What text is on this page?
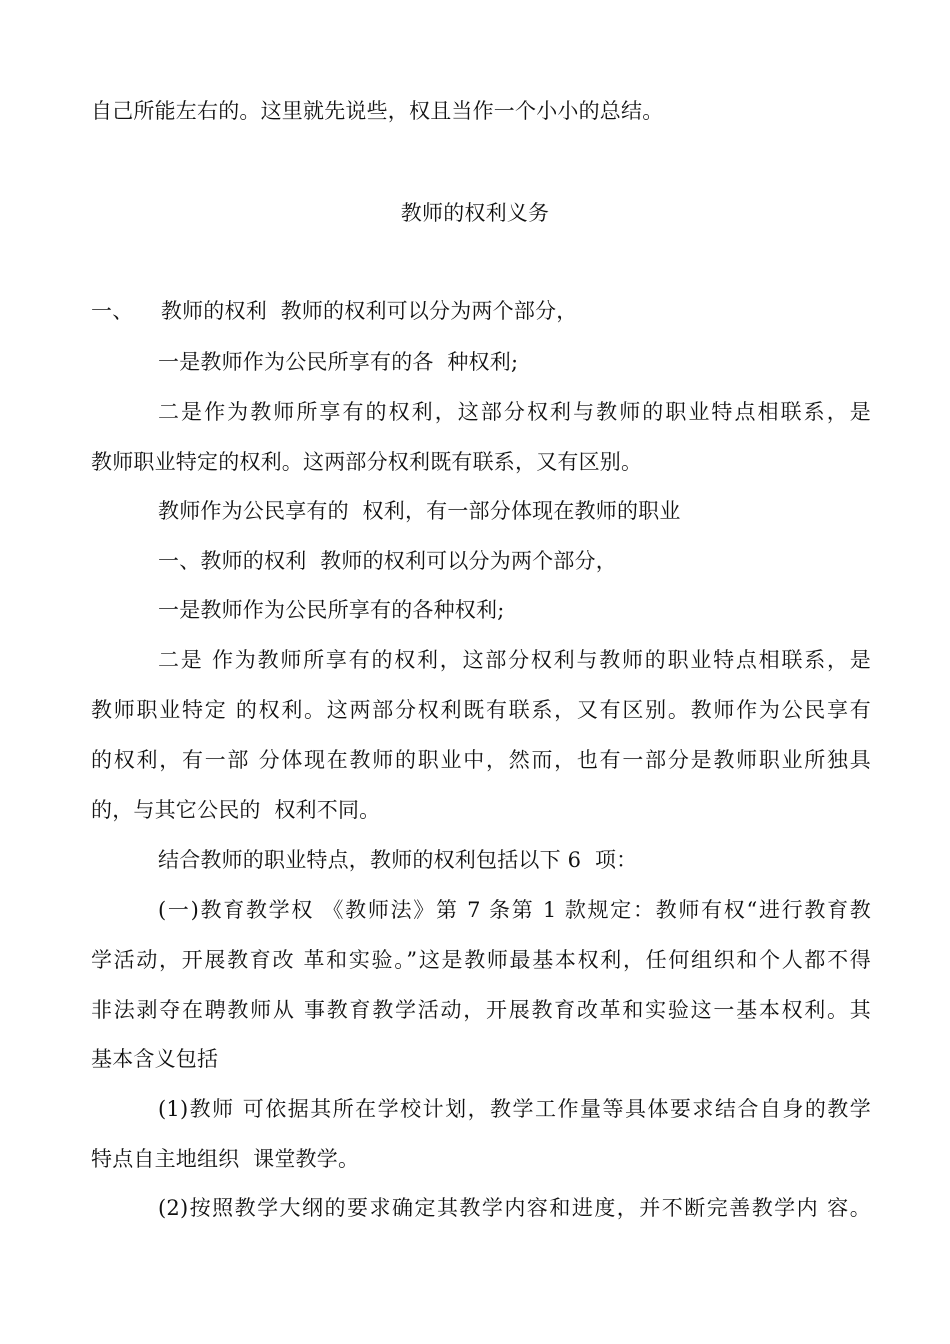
自己所能左右的。这里就先说些，权且当作一个小小的总结。
教师的权利义务
一、    教师的权利  教师的权利可以分为两个部分，
一是教师作为公民所享有的各  种权利;
二是作为教师所享有的权利，这部分权利与教师的职业特点相联系，是
教师职业特定的权利。这两部分权利既有联系，又有区别。
教师作为公民享有的  权利，有一部分体现在教师的职业
一、教师的权利  教师的权利可以分为两个部分，
一是教师作为公民所享有的各种权利;
二是 作为教师所享有的权利，这部分权利与教师的职业特点相联系，是
教师职业特定 的权利。这两部分权利既有联系，又有区别。教师作为公民享有
的权利，有一部 分体现在教师的职业中，然而，也有一部分是教师职业所独具
的，与其它公民的  权利不同。
结合教师的职业特点，教师的权利包括以下 6  项：
(一)教育教学权 《教师法》第 7 条第 1 款规定：教师有权“进行教育教
学活动，开展教育改 革和实验。”这是教师最基本权利，任何组织和个人都不得
非法剥夺在聘教师从 事教育教学活动，开展教育改革和实验这一基本权利。其
基本含义包括
(1)教师 可依据其所在学校计划，教学工作量等具体要求结合自身的教学
特点自主地组织  课堂教学。
(2)按照教学大纲的要求确定其教学内容和进度，并不断完善教学内 容。
